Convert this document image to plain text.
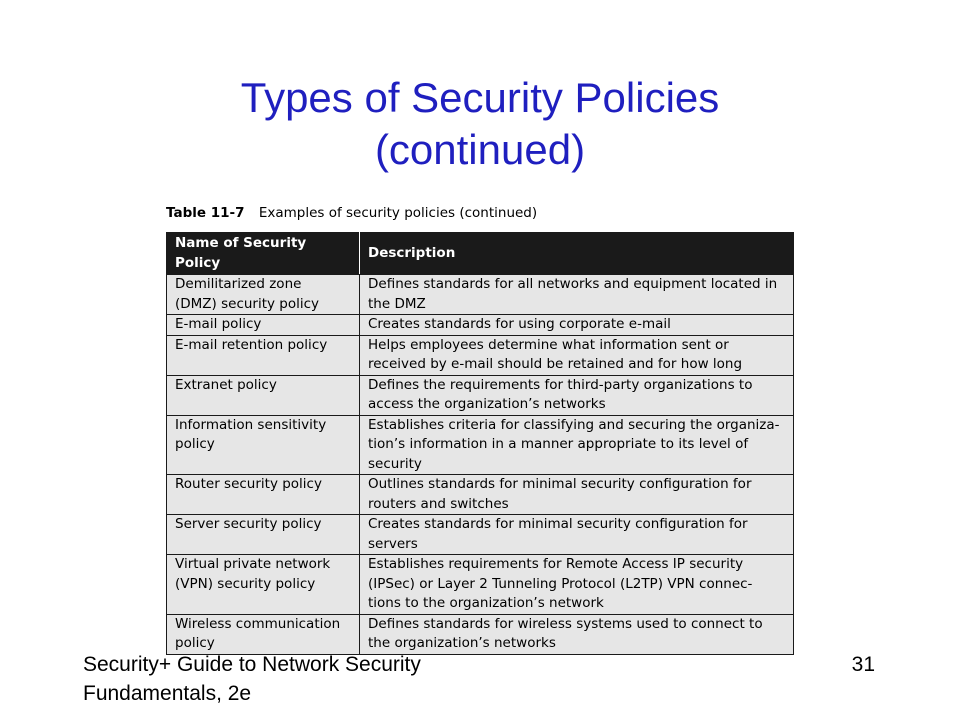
Types of Security Policies
(continued)
Table 11-7 Examples of security policies (continued)
Name of Security Policy	Description
Demilitarized zone
(DMZ) security policy	Defines standards for all networks and equipment located in
the DMZ
E-mail policy	Creates standards for using corporate e-mail
E-mail retention policy	Helps employees determine what information sent or
received by e-mail should be retained and for how long
Extranet policy	Defines the requirements for third-party organizations to
access the organization’s networks
Information sensitivity
policy	Establishes criteria for classifying and securing the organiza-
tion’s information in a manner appropriate to its level of
security
Router security policy	Outlines standards for minimal security configuration for
routers and switches
Server security policy	Creates standards for minimal security configuration for
servers
Virtual private network
(VPN) security policy	Establishes requirements for Remote Access IP security
(IPSec) or Layer 2 Tunneling Protocol (L2TP) VPN connec-
tions to the organization’s network
Wireless communication
policy	Defines standards for wireless systems used to connect to
the organization’s networks
Security+ Guide to Network Security
Fundamentals, 2e
31
